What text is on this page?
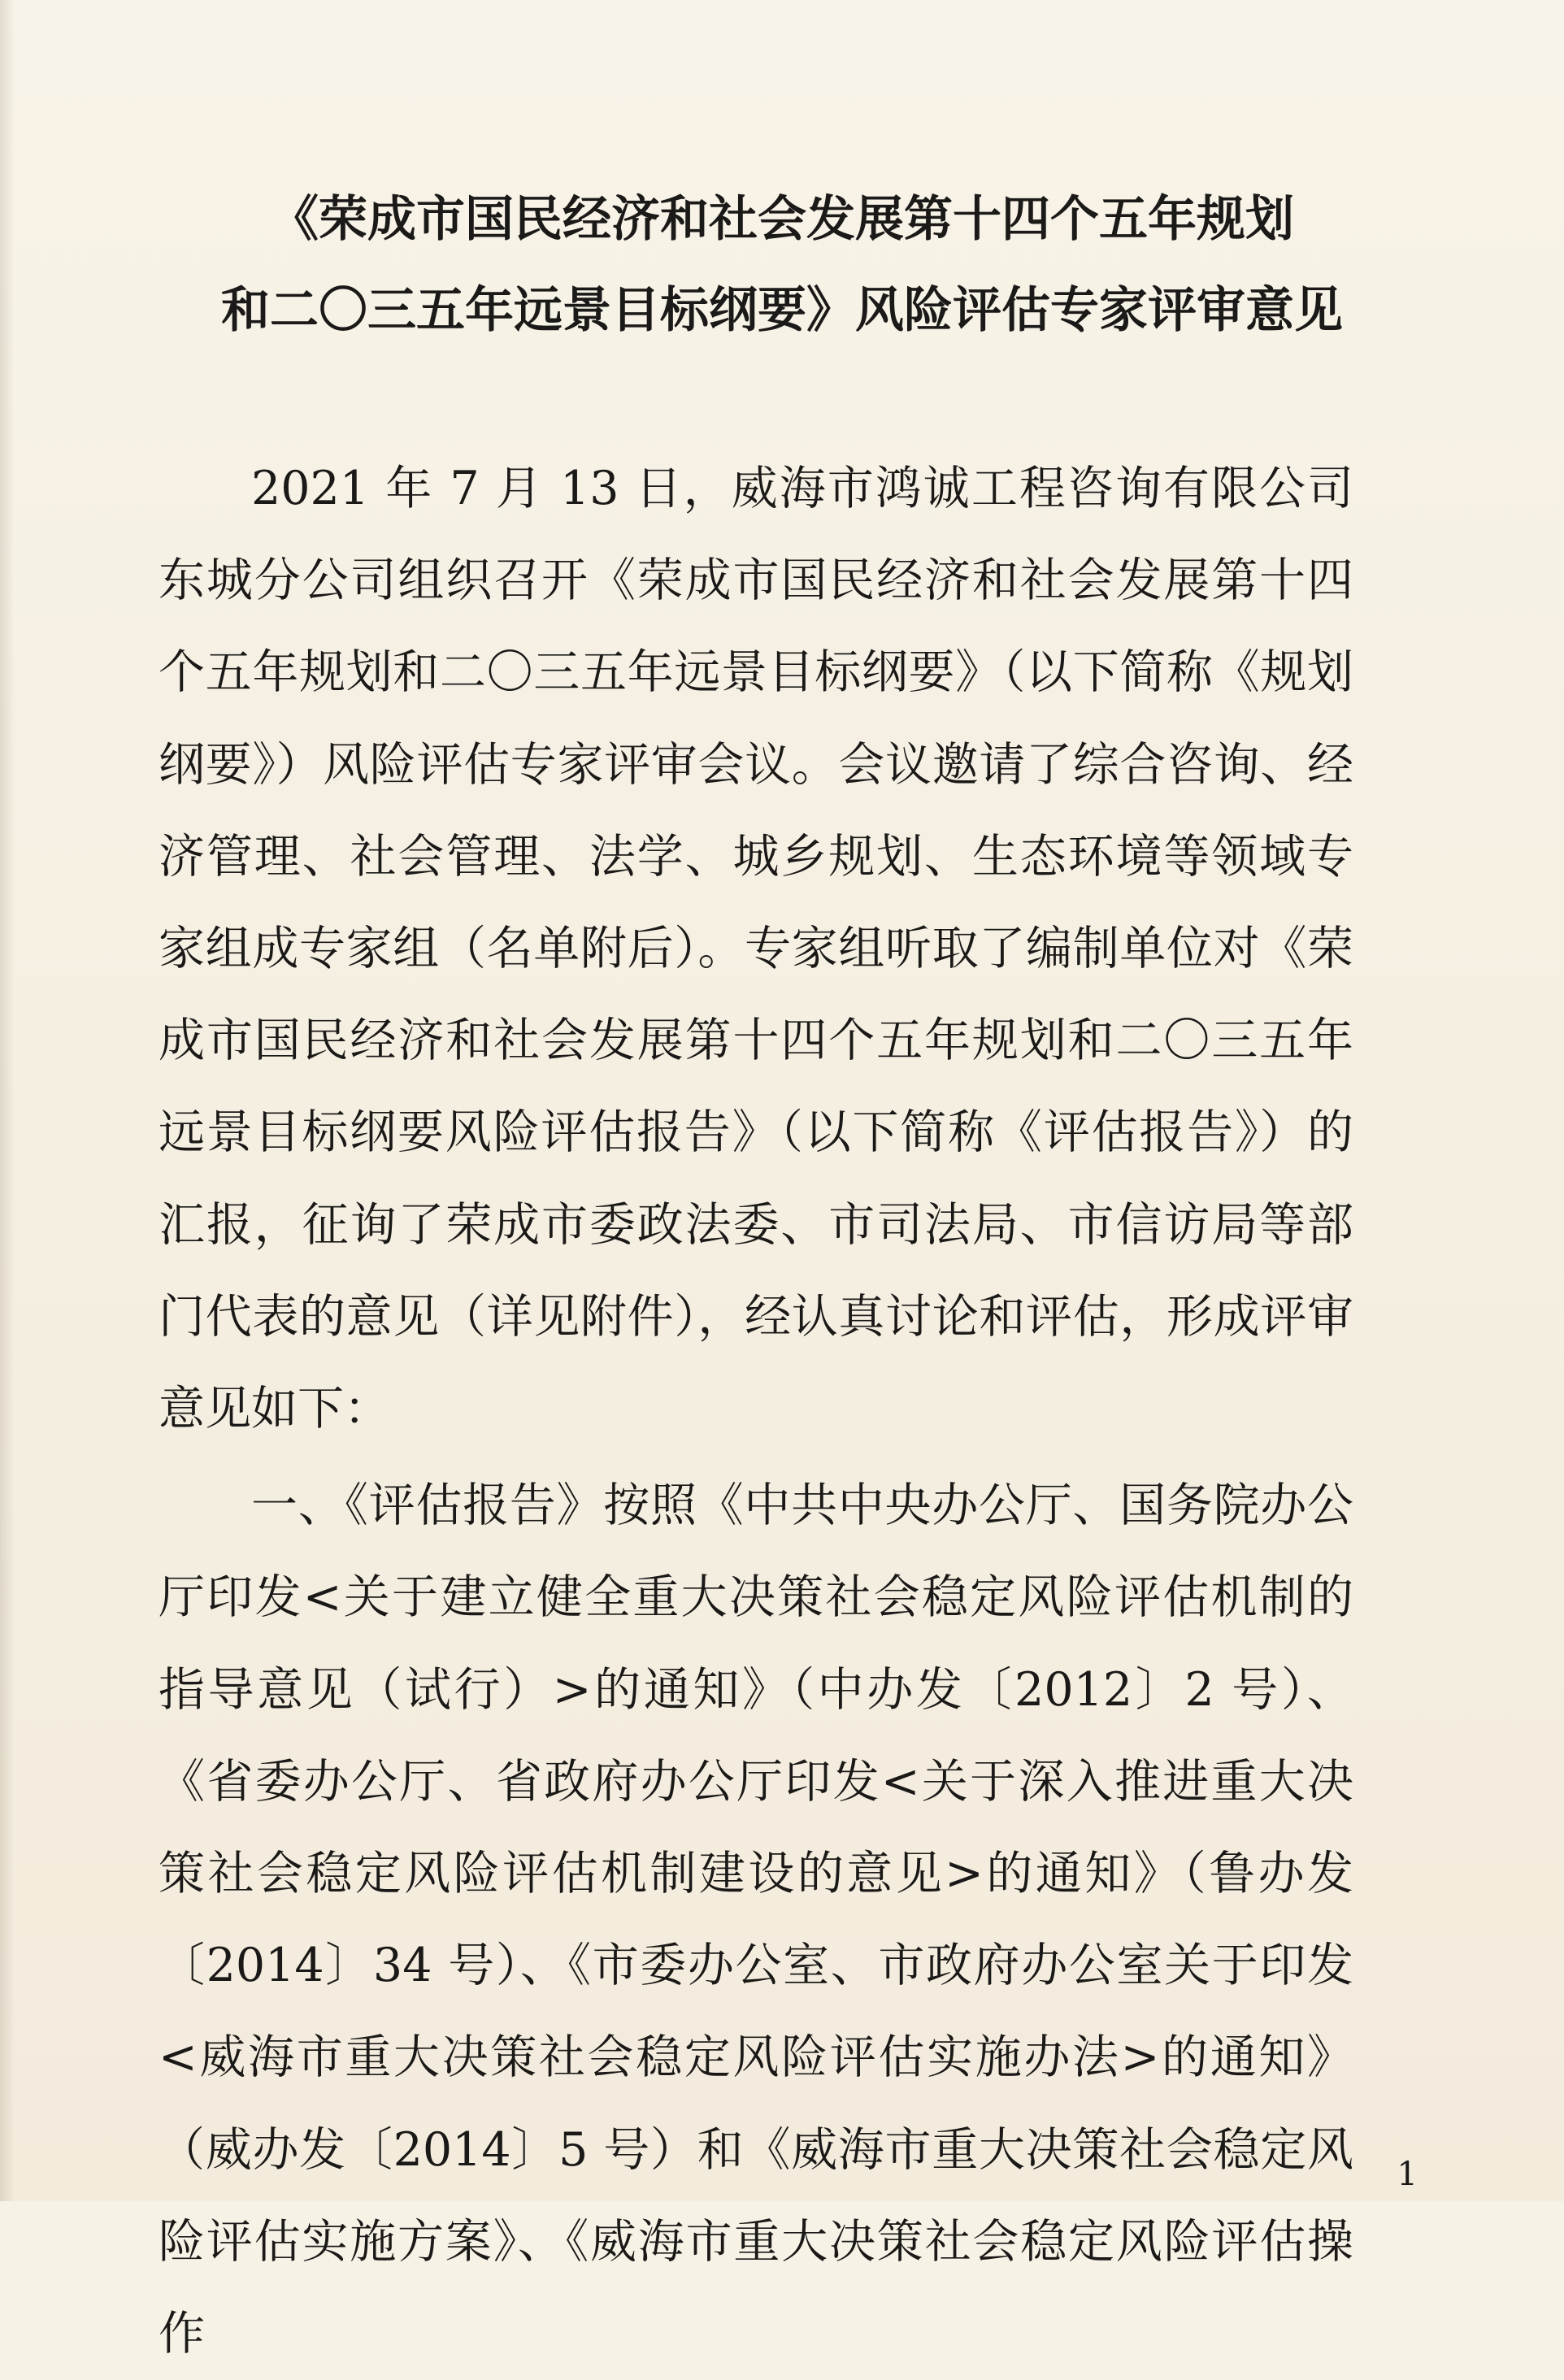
《荣成市国民经济和社会发展第十四个五年规划
和二〇三五年远景目标纲要》风险评估专家评审意见

2021 年 7 月 13 日，威海市鸿诚工程咨询有限公司东城分公司组织召开《荣成市国民经济和社会发展第十四个五年规划和二〇三五年远景目标纲要》（以下简称《规划纲要》）风险评估专家评审会议。会议邀请了综合咨询、经济管理、社会管理、法学、城乡规划、生态环境等领域专家组成专家组（名单附后）。专家组听取了编制单位对《荣成市国民经济和社会发展第十四个五年规划和二〇三五年远景目标纲要风险评估报告》（以下简称《评估报告》）的汇报，征询了荣成市委政法委、市司法局、市信访局等部门代表的意见（详见附件），经认真讨论和评估，形成评审意见如下：

一、《评估报告》按照《中共中央办公厅、国务院办公厅印发<关于建立健全重大决策社会稳定风险评估机制的指导意见（试行）>的通知》（中办发〔2012〕2 号）、《省委办公厅、省政府办公厅印发<关于深入推进重大决策社会稳定风险评估机制建设的意见>的通知》（鲁办发〔2014〕34 号）、《市委办公室、市政府办公室关于印发<威海市重大决策社会稳定风险评估实施办法>的通知》（威办发〔2014〕5 号）和《威海市重大决策社会稳定风险评估实施方案》、《威海市重大决策社会稳定风险评估操作

1
